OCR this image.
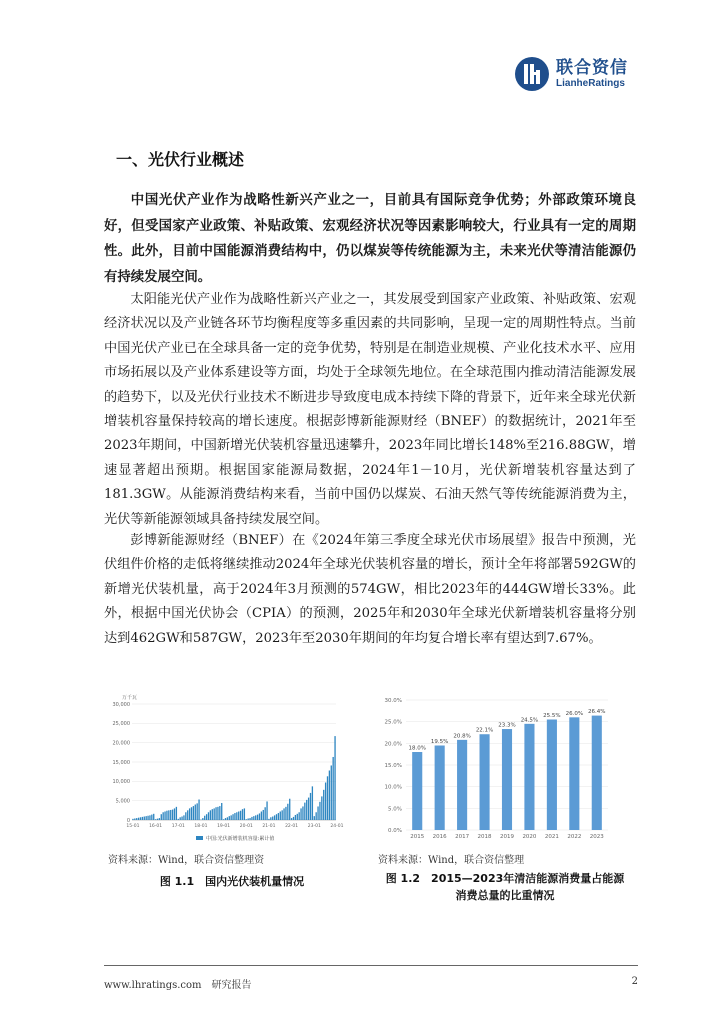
联合资信
LianheRatings
一、光伏行业概述

中国光伏产业作为战略性新兴产业之一，目前具有国际竞争优势；外部政策环境良好，但受国家产业政策、补贴政策、宏观经济状况等因素影响较大，行业具有一定的周期性。此外，目前中国能源消费结构中，仍以煤炭等传统能源为主，未来光伏等清洁能源仍有持续发展空间。

太阳能光伏产业作为战略性新兴产业之一，其发展受到国家产业政策、补贴政策、宏观经济状况以及产业链各环节均衡程度等多重因素的共同影响，呈现一定的周期性特点。当前中国光伏产业已在全球具备一定的竞争优势，特别是在制造业规模、产业化技术水平、应用市场拓展以及产业体系建设等方面，均处于全球领先地位。在全球范围内推动清洁能源发展的趋势下，以及光伏行业技术不断进步导致度电成本持续下降的背景下，近年来全球光伏新增装机容量保持较高的增长速度。根据彭博新能源财经（BNEF）的数据统计，2021年至2023年期间，中国新增光伏装机容量迅速攀升，2023年同比增长148%至216.88GW，增速显著超出预期。根据国家能源局数据，2024年1－10月，光伏新增装机容量达到了181.3GW。从能源消费结构来看，当前中国仍以煤炭、石油天然气等传统能源消费为主，光伏等新能源领域具备持续发展空间。

彭博新能源财经（BNEF）在《2024年第三季度全球光伏市场展望》报告中预测，光伏组件价格的走低将继续推动2024年全球光伏装机容量的增长，预计全年将部署592GW的新增光伏装机量，高于2024年3月预测的574GW，相比2023年的444GW增长33%。此外，根据中国光伏协会（CPIA）的预测，2025年和2030年全球光伏新增装机容量将分别达到462GW和587GW，2023年至2030年期间的年均复合增长率有望达到7.67%。

万千瓦
0
5,000
10,000
15,000
20,000
25,000
30,000
15-01 16-01 17-01 18-01 19-01 20-01 21-01 22-01 23-01 24-01
中国:光伏新增装机容量:累计值
18.0%
19.5%
20.8%
22.1%
23.3%
24.5%
25.5% 26.0% 26.4%
0.0%
5.0%
10.0%
15.0%
20.0%
25.0%
30.0%
2015 2016 2017 2018 2019 2020 2021 2022 2023
资料来源：Wind，联合资信整理资	资料来源：Wind，联合资信整理
图 1.1　国内光伏装机量情况	图 1.2　2015—2023年清洁能源消费量占能源
消费总量的比重情况
www.lhratings.com 研究报告	2
